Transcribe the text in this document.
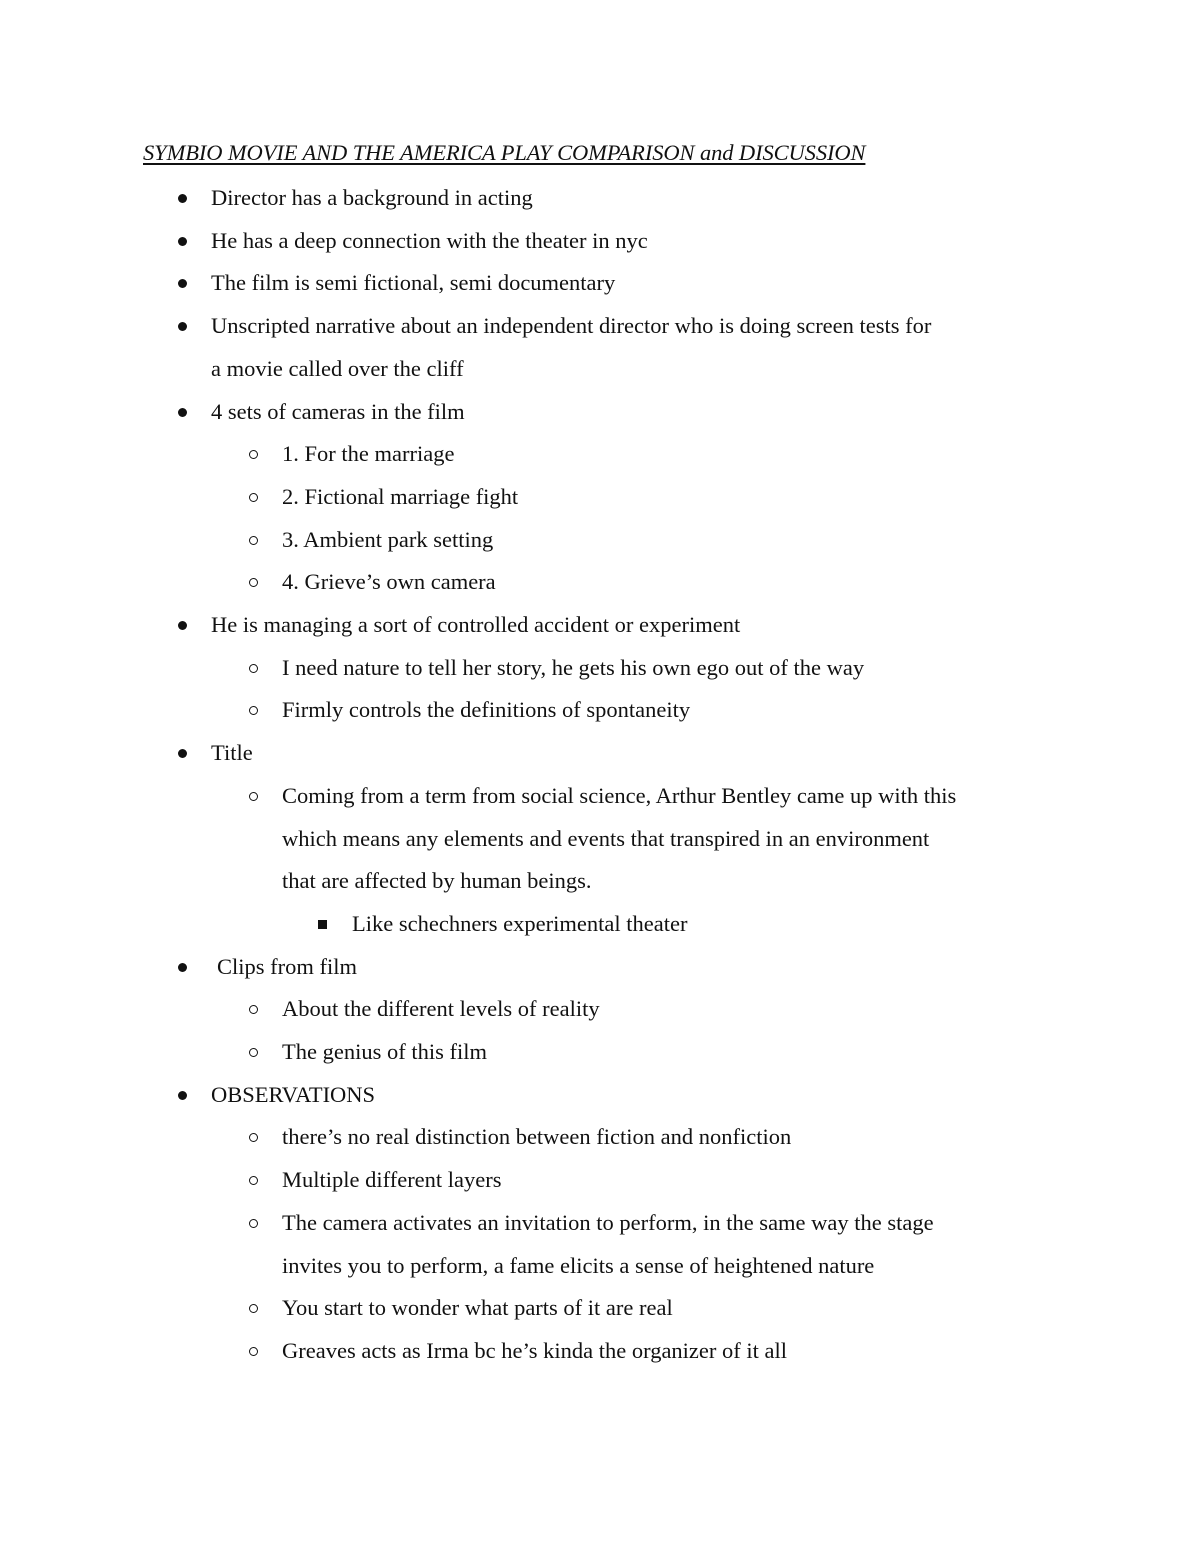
SYMBIO MOVIE AND THE AMERICA PLAY COMPARISON and DISCUSSION
Director has a background in acting
He has a deep connection with the theater in nyc
The film is semi fictional, semi documentary
Unscripted narrative about an independent director who is doing screen tests for
a movie called over the cliff
4 sets of cameras in the film
1. For the marriage
2. Fictional marriage fight
3. Ambient park setting
4. Grieve’s own camera
He is managing a sort of controlled accident or experiment
I need nature to tell her story, he gets his own ego out of the way
Firmly controls the definitions of spontaneity
Title
Coming from a term from social science, Arthur Bentley came up with this
which means any elements and events that transpired in an environment
that are affected by human beings.
Like schechners experimental theater
Clips from film
About the different levels of reality
The genius of this film
OBSERVATIONS
there’s no real distinction between fiction and nonfiction
Multiple different layers
The camera activates an invitation to perform, in the same way the stage
invites you to perform, a fame elicits a sense of heightened nature
You start to wonder what parts of it are real
Greaves acts as Irma bc he’s kinda the organizer of it all
